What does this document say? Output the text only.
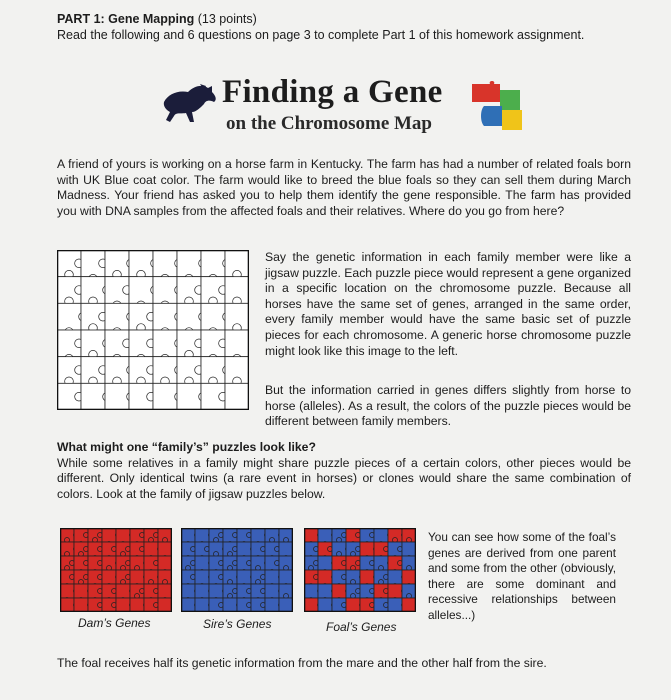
PART 1: Gene Mapping (13 points)
Read the following and 6 questions on page 3 to complete Part 1 of this homework assignment.
Finding a Gene
on the Chromosome Map

A friend of yours is working on a horse farm in Kentucky. The farm has had a number of related foals born with UK Blue coat color. The farm would like to breed the blue foals so they can sell them during March Madness. Your friend has asked you to help them identify the gene responsible. The farm has provided you with DNA samples from the affected foals and their relatives. Where do you go from here?

Say the genetic information in each family member were like a jigsaw puzzle. Each puzzle piece would represent a gene organized in a specific location on the chromosome puzzle. Because all horses have the same set of genes, arranged in the same order, every family member would have the same basic set of puzzle pieces for each chromosome. A generic horse chromosome puzzle might look like this image to the left.

But the information carried in genes differs slightly from horse to horse (alleles). As a result, the colors of the puzzle pieces would be different between family members.

What might one “family’s” puzzles look like?

While some relatives in a family might share puzzle pieces of a certain colors, other pieces would be different. Only identical twins (a rare event in horses) or clones would share the same combination of colors. Look at the family of jigsaw puzzles below.

Dam’s Genes	Sire’s Genes	Foal’s Genes

You can see how some of the foal’s genes are derived from one parent and some from the other (obviously, there are some dominant and recessive relationships between alleles...)

The foal receives half its genetic information from the mare and the other half from the sire.
